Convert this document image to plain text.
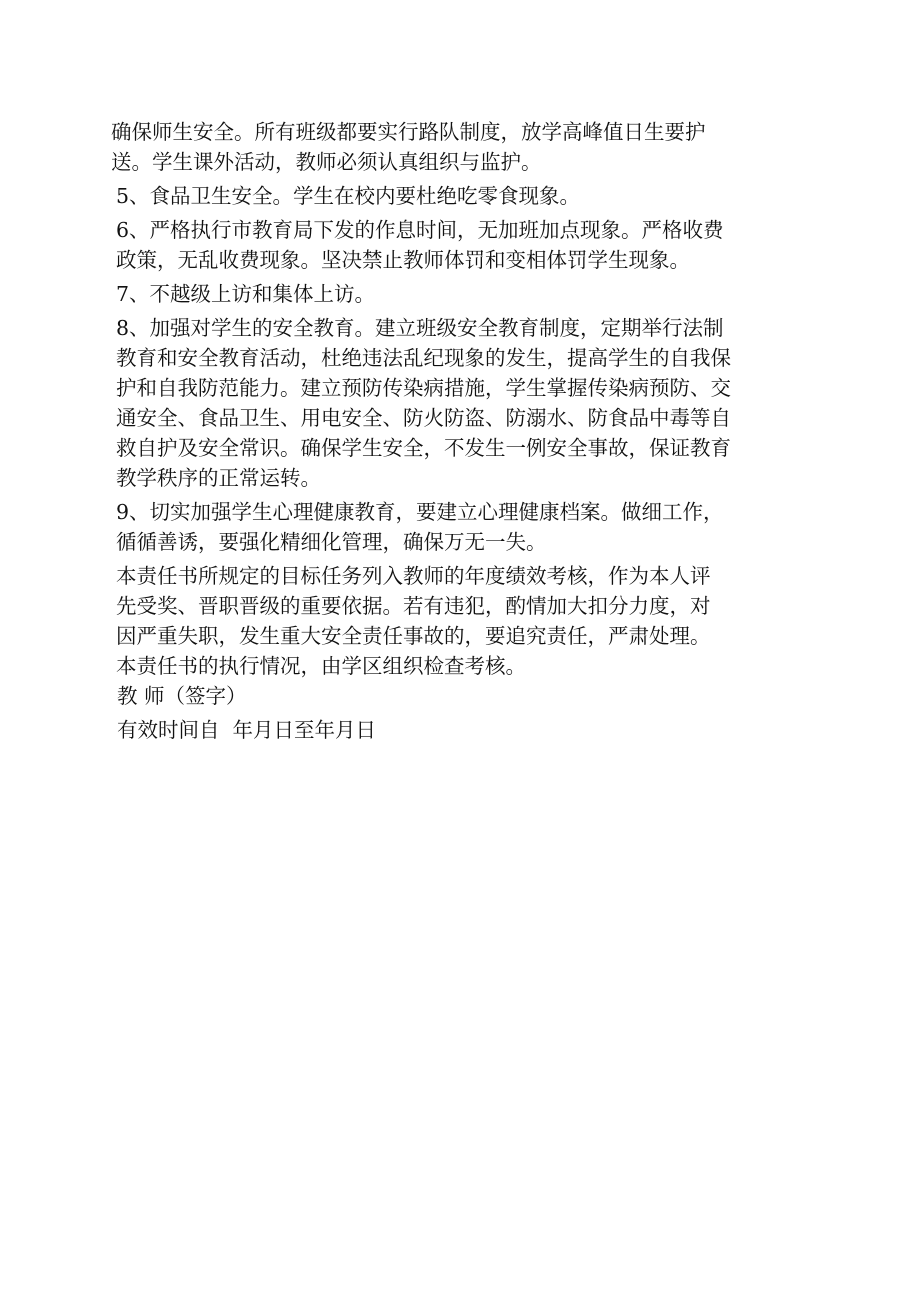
确保师生安全。所有班级都要实行路队制度，放学高峰值日生要护
送。学生课外活动，教师必须认真组织与监护。

5、食品卫生安全。学生在校内要杜绝吃零食现象。

6、严格执行市教育局下发的作息时间，无加班加点现象。严格收费
政策，无乱收费现象。坚决禁止教师体罚和变相体罚学生现象。

7、不越级上访和集体上访。

8、加强对学生的安全教育。建立班级安全教育制度，定期举行法制
教育和安全教育活动，杜绝违法乱纪现象的发生，提高学生的自我保
护和自我防范能力。建立预防传染病措施，学生掌握传染病预防、交
通安全、食品卫生、用电安全、防火防盗、防溺水、防食品中毒等自
救自护及安全常识。确保学生安全，不发生一例安全事故，保证教育
教学秩序的正常运转。

9、切实加强学生心理健康教育，要建立心理健康档案。做细工作，
循循善诱，要强化精细化管理，确保万无一失。

本责任书所规定的目标任务列入教师的年度绩效考核，作为本人评
先受奖、晋职晋级的重要依据。若有违犯，酌情加大扣分力度，对
因严重失职，发生重大安全责任事故的，要追究责任，严肃处理。
本责任书的执行情况，由学区组织检查考核。

教 师（签字）

有效时间自 年月日至年月日
